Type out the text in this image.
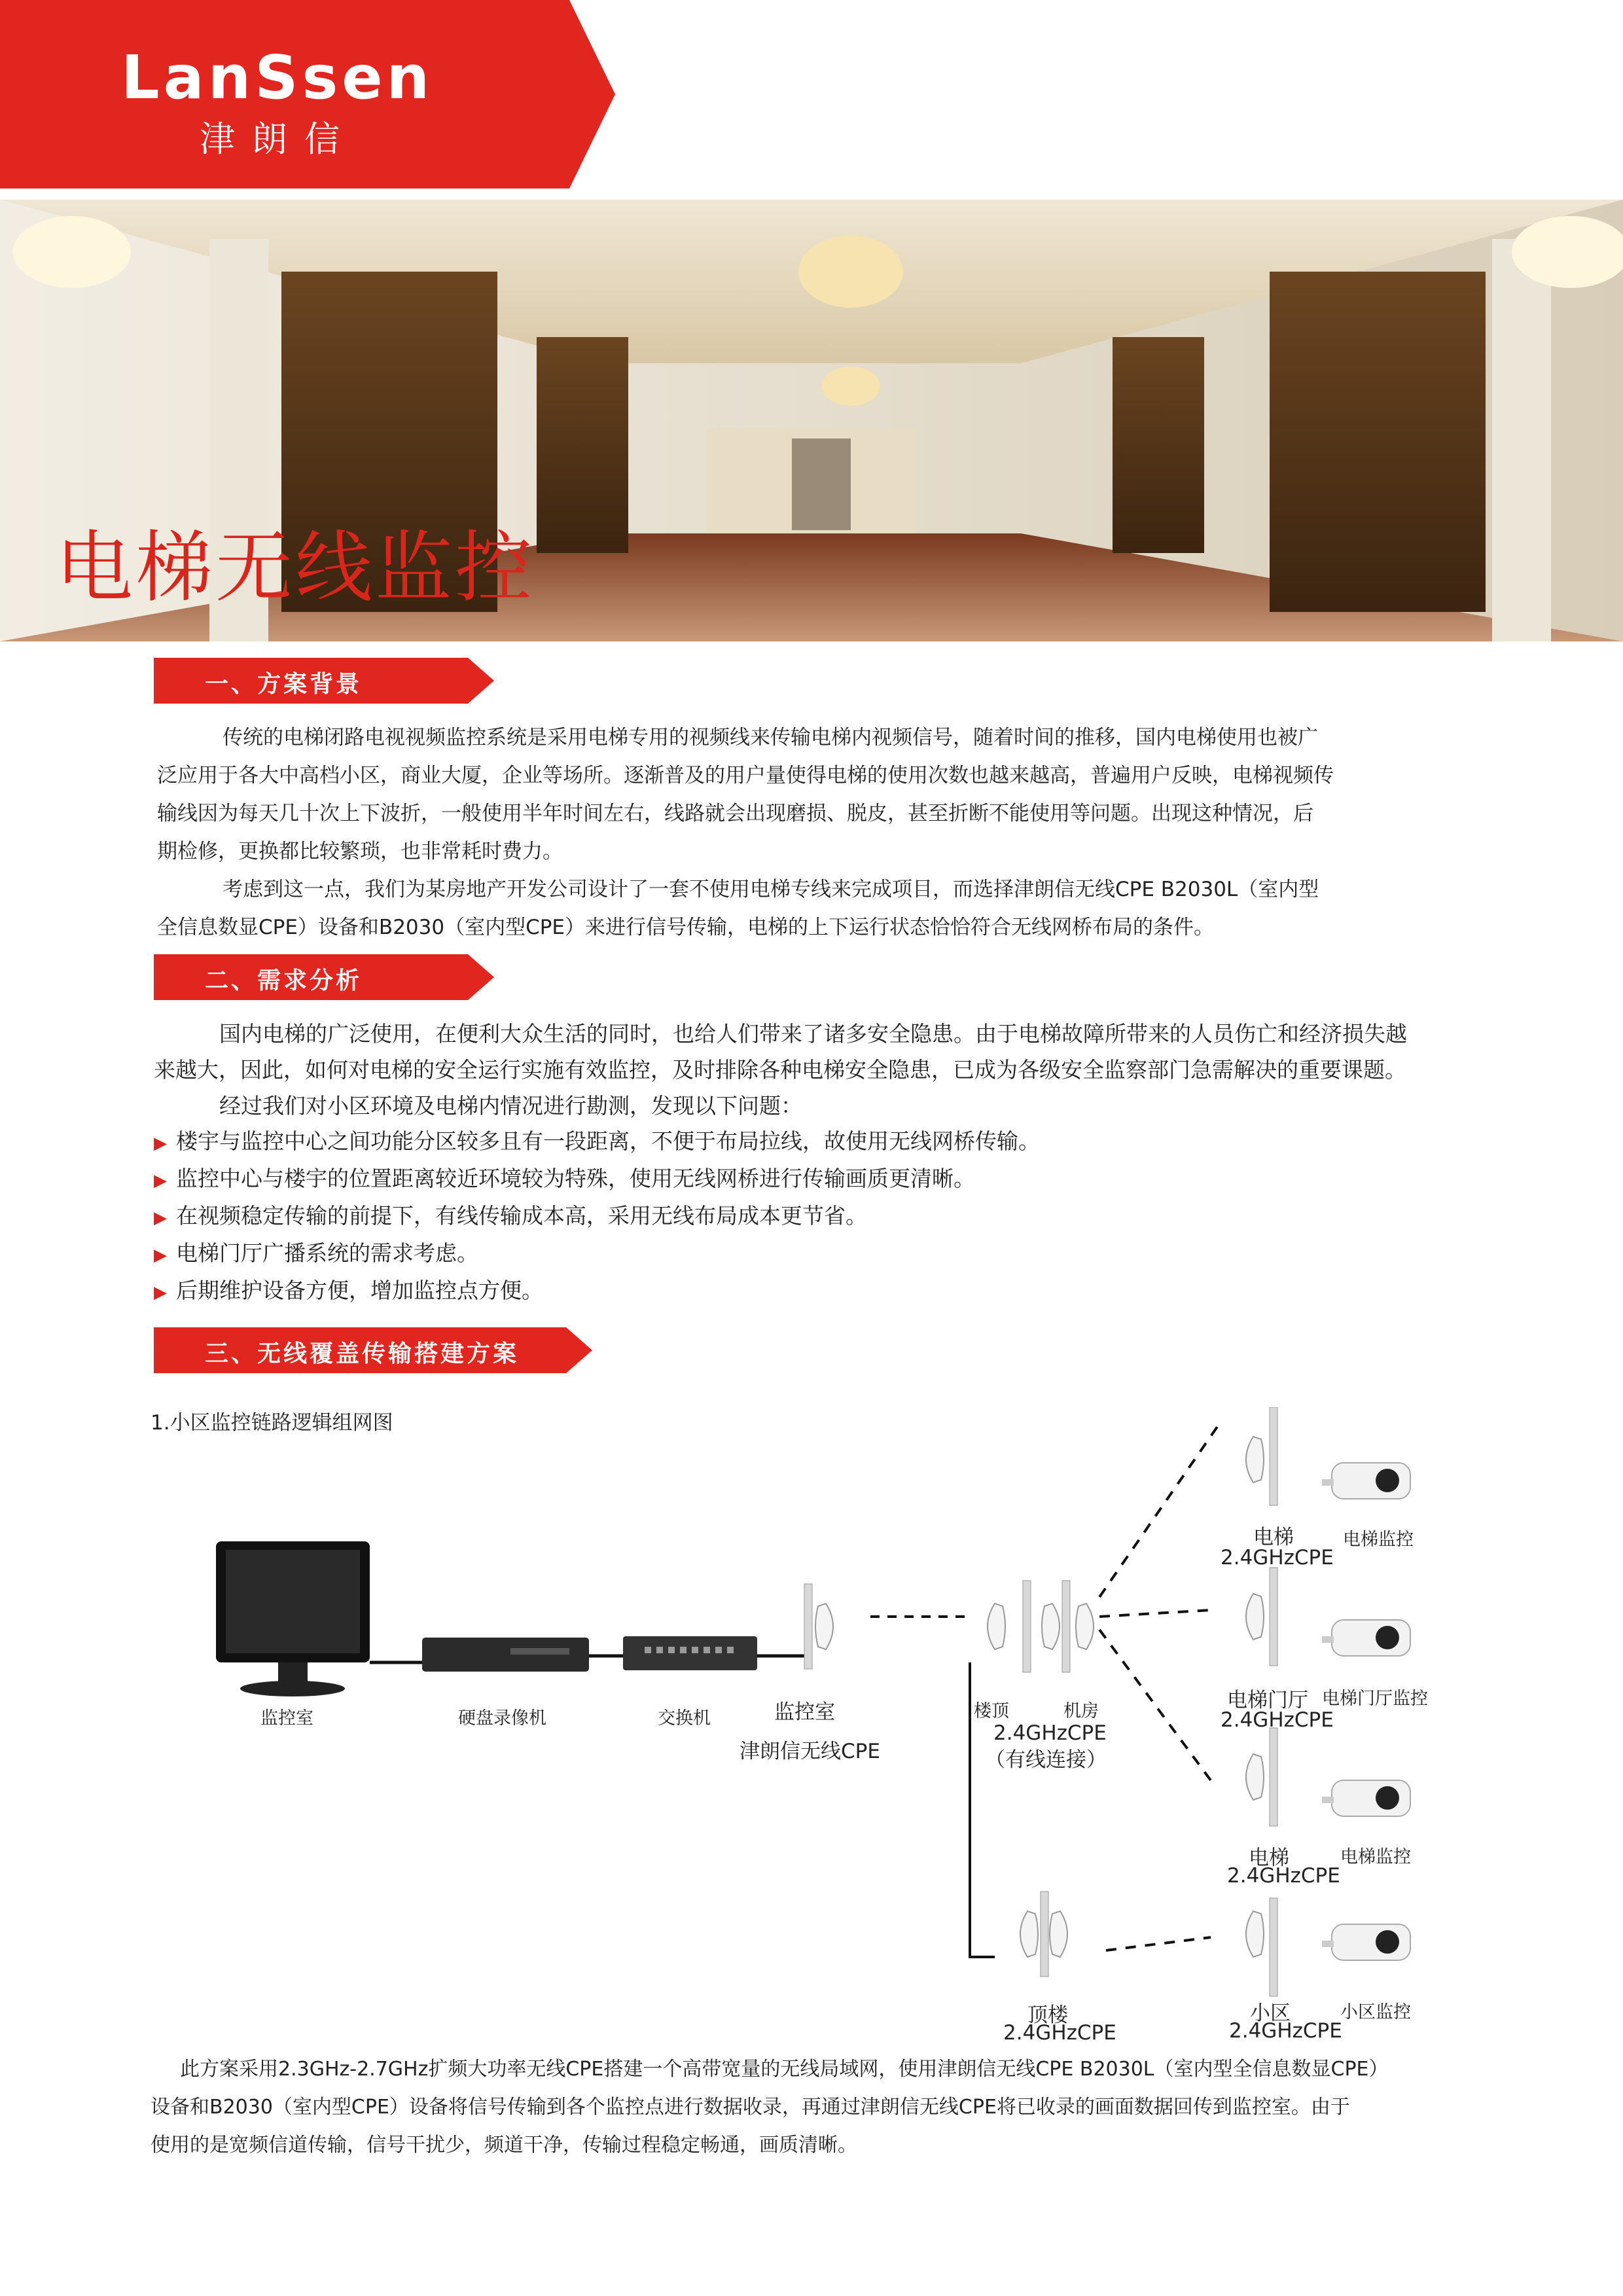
LanSsen
津朗信
电梯无线监控
一、方案背景
传统的电梯闭路电视视频监控系统是采用电梯专用的视频线来传输电梯内视频信号，随着时间的推移，国内电梯使用也被广
泛应用于各大中高档小区，商业大厦，企业等场所。逐渐普及的用户量使得电梯的使用次数也越来越高，普遍用户反映，电梯视频传
输线因为每天几十次上下波折，一般使用半年时间左右，线路就会出现磨损、脱皮，甚至折断不能使用等问题。出现这种情况，后
期检修，更换都比较繁琐，也非常耗时费力。
考虑到这一点，我们为某房地产开发公司设计了一套不使用电梯专线来完成项目，而选择津朗信无线CPE B2030L（室内型
全信息数显CPE）设备和B2030（室内型CPE）来进行信号传输，电梯的上下运行状态恰恰符合无线网桥布局的条件。
二、需求分析
国内电梯的广泛使用，在便利大众生活的同时，也给人们带来了诸多安全隐患。由于电梯故障所带来的人员伤亡和经济损失越
来越大，因此，如何对电梯的安全运行实施有效监控，及时排除各种电梯安全隐患，已成为各级安全监察部门急需解决的重要课题。
经过我们对小区环境及电梯内情况进行勘测，发现以下问题：
▶ 楼宇与监控中心之间功能分区较多且有一段距离，不便于布局拉线，故使用无线网桥传输。
▶ 监控中心与楼宇的位置距离较近环境较为特殊，使用无线网桥进行传输画质更清晰。
▶ 在视频稳定传输的前提下，有线传输成本高，采用无线布局成本更节省。
▶ 电梯门厅广播系统的需求考虑。
▶ 后期维护设备方便，增加监控点方便。
三、无线覆盖传输搭建方案
1.小区监控链路逻辑组网图
监控室	硬盘录像机	交换机	监控室
津朗信无线CPE
楼顶	机房
2.4GHzCPE
（有线连接）
顶楼
2.4GHzCPE
电梯
2.4GHzCPE
电梯监控
电梯门厅
2.4GHzCPE
电梯门厅监控
电梯
2.4GHzCPE
电梯监控
小区
2.4GHzCPE
小区监控
此方案采用2.3GHz-2.7GHz扩频大功率无线CPE搭建一个高带宽量的无线局域网，使用津朗信无线CPE B2030L（室内型全信息数显CPE）
设备和B2030（室内型CPE）设备将信号传输到各个监控点进行数据收录，再通过津朗信无线CPE将已收录的画面数据回传到监控室。由于
使用的是宽频信道传输，信号干扰少，频道干净，传输过程稳定畅通，画质清晰。
